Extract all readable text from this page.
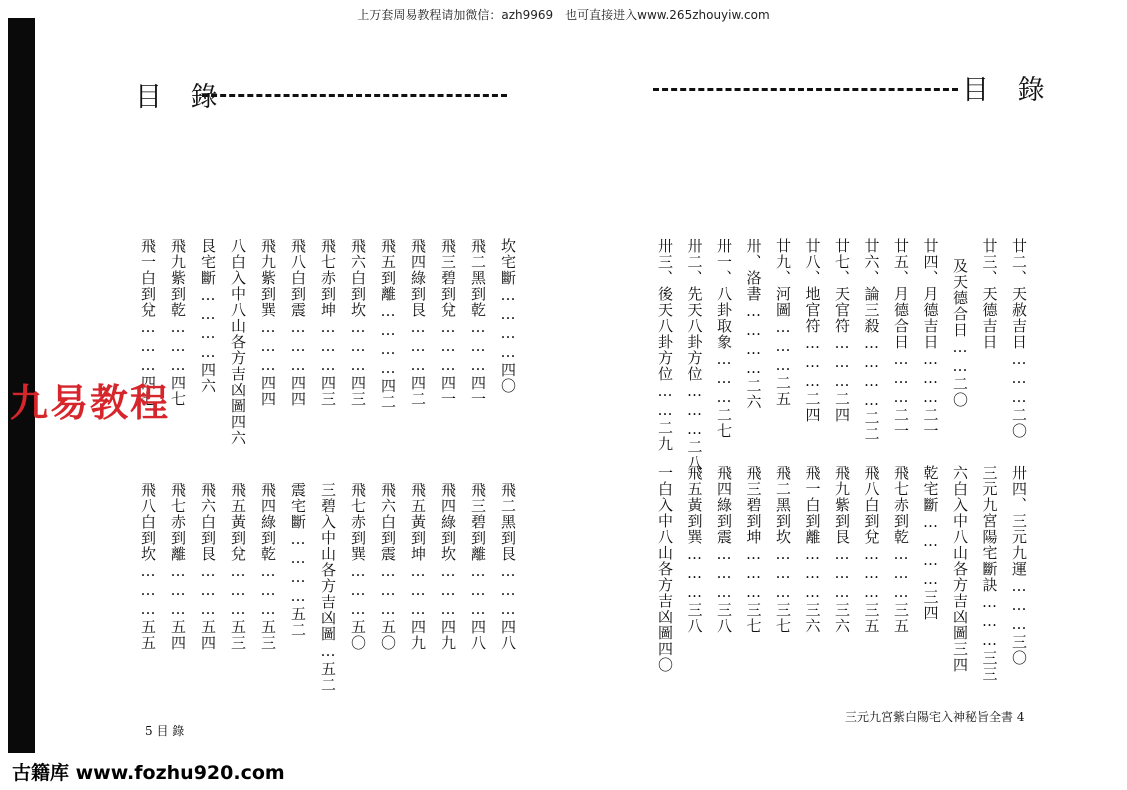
上万套周易教程请加微信：azh9969　也可直接进入www.265zhouyiw.com
目 錄
坎宅斷…………四〇
飛二黑到乾………四一
飛三碧到兌………四一
飛四綠到艮………四二
飛五到離…………四二
飛六白到坎………四三
飛七赤到坤………四三
飛八白到震………四四
飛九紫到巽………四四
八白入中八山各方吉凶圖四六
艮宅斷…………四六
飛九紫到乾………四七
飛一白到兌………四七
飛二黑到艮………四八
飛三碧到離………四八
飛四綠到坎………四九
飛五黃到坤………四九
飛六白到震………五〇
飛七赤到巽………五〇
三碧入中山各方吉凶圖…五二
震宅斷…………五二
飛四綠到乾………五三
飛五黃到兌………五三
飛六白到艮………五四
飛七赤到離………五四
飛八白到坎………五五
5 目 錄
目 錄
廿二、天赦吉日………二〇
廿三、天德吉日
及天德合日……二〇
廿四、月德吉日………二一
廿五、月德合日………二一
廿六、論三殺…………二二
廿七、天官符………二四
廿八、地官符………二四
廿九、河圖………二五
卅、洛書…………二六
卅一、八卦取象………二七
卅二、先天八卦方位………二八
卅三、後天八卦方位……二九
卅四、三元九運………三〇
三元九宮陽宅斷訣………三三
六白入中八山各方吉凶圖三四
乾宅斷…………三四
飛七赤到乾………三五
飛八白到兌………三五
飛九紫到艮………三六
飛一白到離………三六
飛二黑到坎………三七
飛三碧到坤………三七
飛四綠到震………三八
飛五黃到巽………三八
一白入中八山各方吉凶圖四〇
三元九宮紫白陽宅入神秘旨全書 4
九易教程
古籍库 www.fozhu920.com
